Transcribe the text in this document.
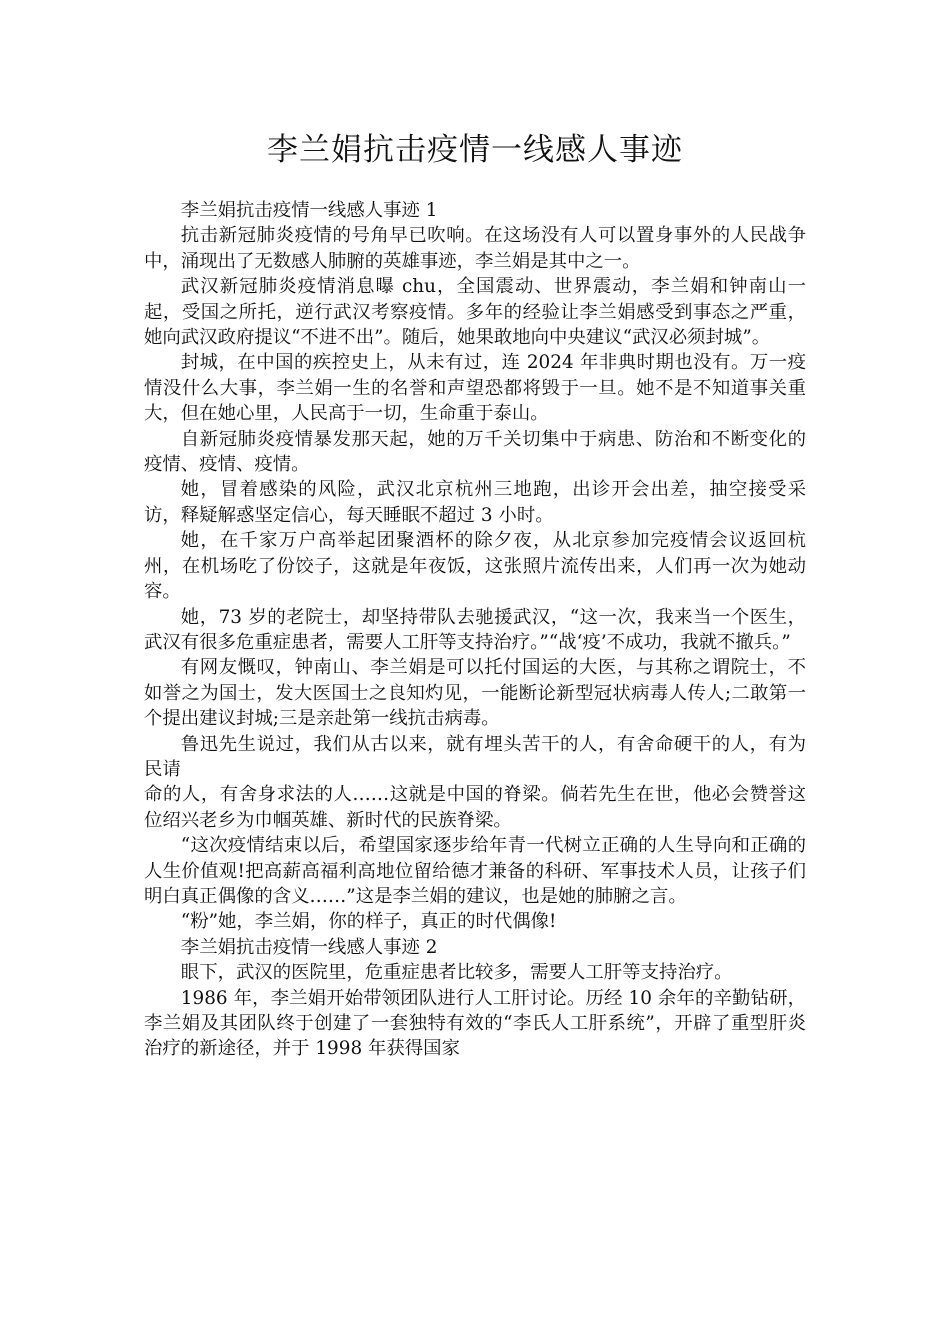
李兰娟抗击疫情一线感人事迹

李兰娟抗击疫情一线感人事迹 1

抗击新冠肺炎疫情的号角早已吹响。在这场没有人可以置身事外的人民战争中，涌现出了无数感人肺腑的英雄事迹，李兰娟是其中之一。

武汉新冠肺炎疫情消息曝 chu，全国震动、世界震动，李兰娟和钟南山一起，受国之所托，逆行武汉考察疫情。多年的经验让李兰娟感受到事态之严重，她向武汉政府提议“不进不出”。随后，她果敢地向中央建议“武汉必须封城”。

封城，在中国的疾控史上，从未有过，连 2024 年非典时期也没有。万一疫情没什么大事，李兰娟一生的名誉和声望恐都将毁于一旦。她不是不知道事关重大，但在她心里，人民高于一切，生命重于泰山。

自新冠肺炎疫情暴发那天起，她的万千关切集中于病患、防治和不断变化的疫情、疫情、疫情。

她，冒着感染的风险，武汉北京杭州三地跑，出诊开会出差，抽空接受采访，释疑解惑坚定信心，每天睡眠不超过 3 小时。

她，在千家万户高举起团聚酒杯的除夕夜，从北京参加完疫情会议返回杭州，在机场吃了份饺子，这就是年夜饭，这张照片流传出来，人们再一次为她动容。

她，73 岁的老院士，却坚持带队去驰援武汉，“这一次，我来当一个医生，武汉有很多危重症患者，需要人工肝等支持治疗。”“战‘疫’不成功，我就不撤兵。”

有网友慨叹，钟南山、李兰娟是可以托付国运的大医，与其称之谓院士，不如誉之为国士，发大医国士之良知灼见，一能断论新型冠状病毒人传人;二敢第一个提出建议封城;三是亲赴第一线抗击病毒。

鲁迅先生说过，我们从古以来，就有埋头苦干的人，有舍命硬干的人，有为民请

命的人，有舍身求法的人……这就是中国的脊梁。倘若先生在世，他必会赞誉这位绍兴老乡为巾帼英雄、新时代的民族脊梁。

“这次疫情结束以后，希望国家逐步给年青一代树立正确的人生导向和正确的人生价值观!把高薪高福利高地位留给德才兼备的科研、军事技术人员，让孩子们明白真正偶像的含义……”这是李兰娟的建议，也是她的肺腑之言。

“粉”她，李兰娟，你的样子，真正的时代偶像!

李兰娟抗击疫情一线感人事迹 2

眼下，武汉的医院里，危重症患者比较多，需要人工肝等支持治疗。

1986 年，李兰娟开始带领团队进行人工肝讨论。历经 10 余年的辛勤钻研，李兰娟及其团队终于创建了一套独特有效的“李氏人工肝系统”，开辟了重型肝炎治疗的新途径，并于 1998 年获得国家
